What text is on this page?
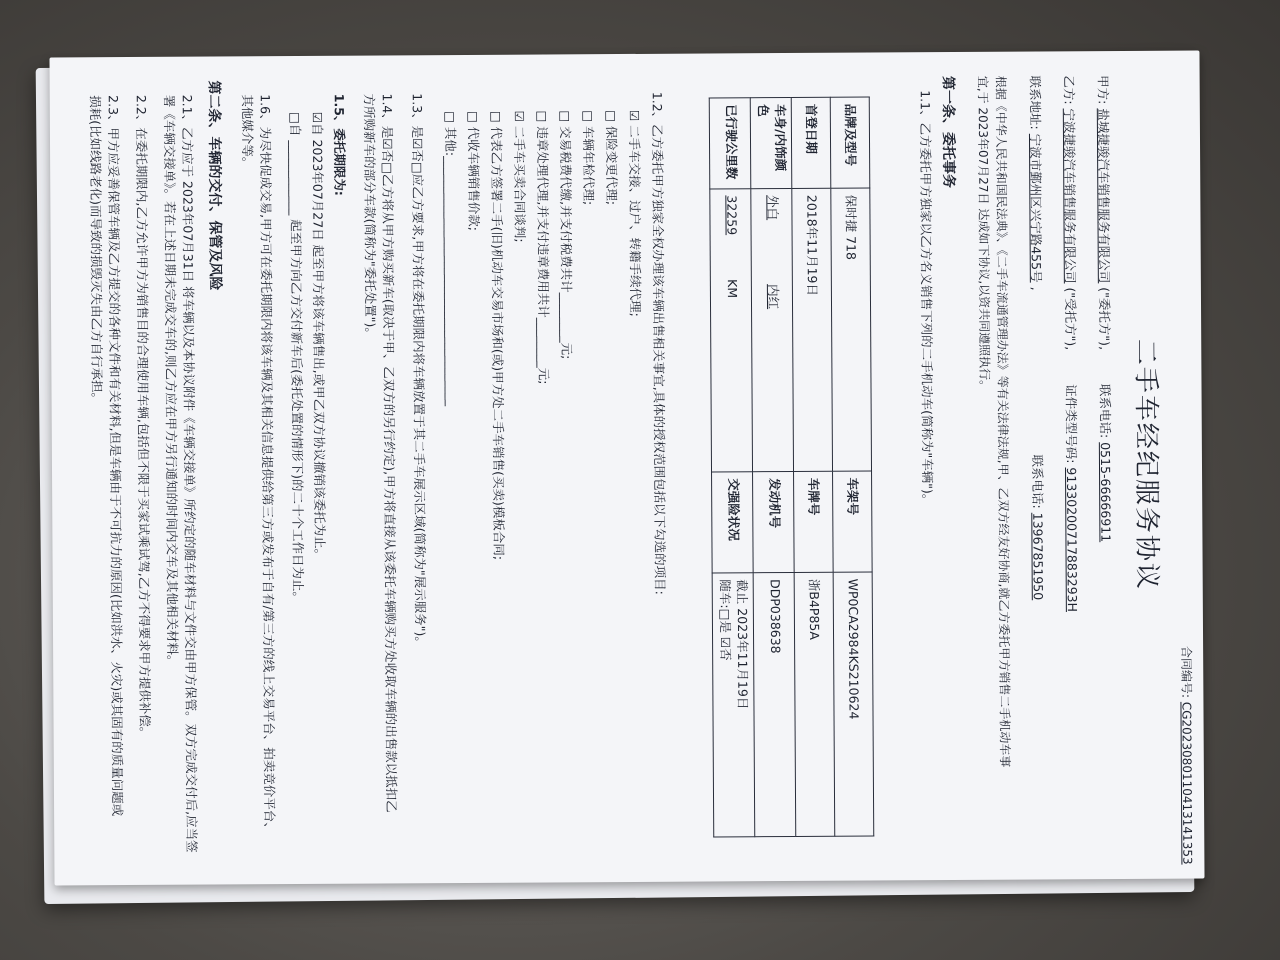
合同编号: CG2023080110413141353
二手车经纪服务协议
甲方: 盐城捷骏汽车销售服务有限公司 ("委托方"), 联系电话: 0515-66666911
乙方: 宁波捷骏汽车销售服务有限公司 ("受托方"), 证件类型号码: 91330200717883293H
联系地址: 宁波市鄞州区兴宁路455号 , 联系电话: 13967851950
根据《中华人民共和国民法典》、《二手车流通管理办法》等有关法律法规,甲、乙双方经友好协商,就乙方委托甲方销售二手机动车事
宜,于 2023年07月27日 达成如下协议,以资共同遵照执行。
第一条、委托事务
1.1、乙方委托甲方独家以乙方名义销售下列的二手机动车(简称为"车辆")。
品牌及型号	保时捷 718	车架号	WP0CA2984KS210624
首登日期	2018年11月19日	车牌号	浙B4P85A
车身/内饰颜色	外白 内红	发动机号	DDP038638
已行驶公里数	32259 KM	交强险状况	截止 2023年11月19日
随车:□是 ☑否
1.2、乙方委托甲方独家全权办理该车辆出售相关事宜,具体的授权范围包括以下勾选的项目:
☑ 二手车交接、过户、转籍手续代理;
□ 保险变更代理;
□ 车辆年检代理;
□ 交易税费代缴,并支付税费共计________元;
□ 违章处理代理,并支付违章费用共计________元;
☑ 二手车买卖合同谈判;
□ 代表乙方签署二手(旧)机动车交易市场和(或)甲方处二手车销售(买卖)模板合同;
□ 代收车辆销售价款;
□ 其他:________________________________________
1.3、是☑否□应乙方要求,甲方将在委托期限内将车辆放置于其二手车展示区域(简称为"展示服务")。
1.4、是☑否□乙方将从甲方购买新车(取决于甲、乙双方的另行约定),甲方将直接从该委托车辆购买方处收取车辆的出售款以抵扣乙
方所购新车的部分车款(简称为"委托处置")。
1.5、委托期限为:
☑自 2023年07月27日 起至甲方将该车辆售出,或甲乙双方协议撤销该委托为止。
□自 ____________ 起至甲方向乙方交付新车后(委托处置的情形下)的二十个工作日为止。
1.6、为尽快促成交易,甲方可在委托期限内将该车辆及其相关信息提供给第三方或发布于自有/第三方的线上交易平台、拍卖竞价平台、
其他媒介等。
第二条、车辆的交付、保管及风险
2.1、乙方应于 2023年07月31日 将车辆以及本协议附件《车辆交接单》所约定的随车材料与文件交由甲方保管。双方完成交付后,应当签
署《车辆交接单》。若在上述日期未完成交车的,则乙方应在甲方另行通知的时间内交车及其他相关材料。
2.2、在委托期限内,乙方允许甲方为销售目的合理使用车辆,包括但不限于买家试乘试驾,乙方不得要求甲方提供补偿。
2.3、甲方应妥善保管车辆及乙方提交的各种文件和有关材料,但是车辆由于不可抗力的原因(比如洪水、火灾)或其固有的质量问题或
损耗(比如线路老化)而导致的损毁灭失由乙方自行承担。
